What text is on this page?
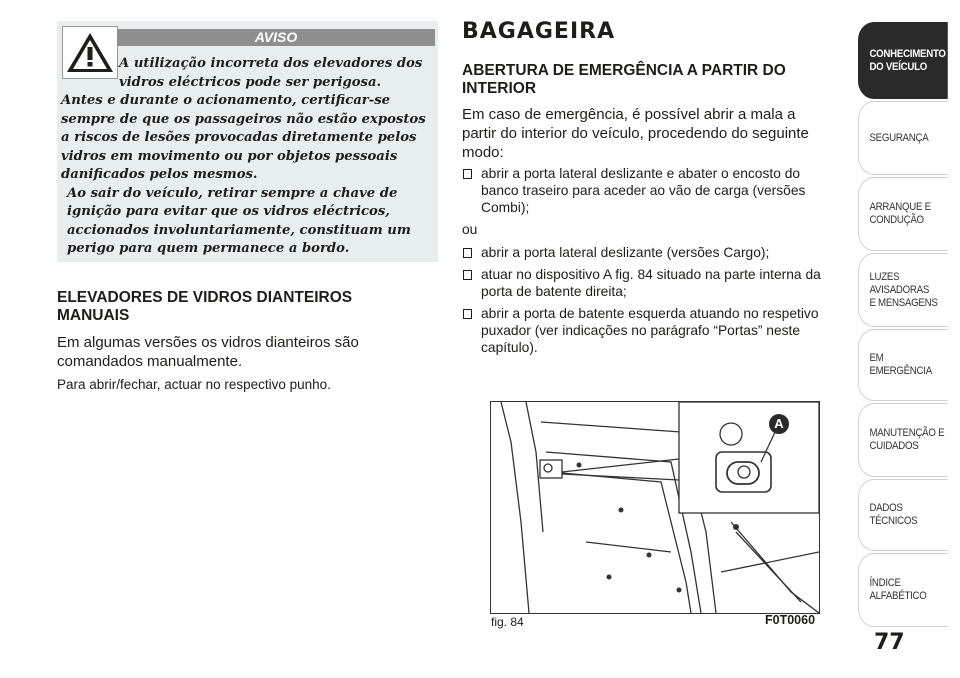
AVISO

A utilização incorreta dos elevadores dos vidros eléctricos pode ser perigosa.

Antes e durante o acionamento, certificar-se sempre de que os passageiros não estão expostos a riscos de lesões provocadas diretamente pelos vidros em movimento ou por objetos pessoais danificados pelos mesmos.

Ao sair do veículo, retirar sempre a chave de ignição para evitar que os vidros eléctricos, accionados involuntariamente, constituam um perigo para quem permanece a bordo.

ELEVADORES DE VIDROS DIANTEIROS MANUAIS
Em algumas versões os vidros dianteiros são comandados manualmente.
Para abrir/fechar, actuar no respectivo punho.
BAGAGEIRA
ABERTURA DE EMERGÊNCIA A PARTIR DO INTERIOR
Em caso de emergência, é possível abrir a mala a partir do interior do veículo, procedendo do seguinte modo:
abrir a porta lateral deslizante e abater o encosto do banco traseiro para aceder ao vão de carga (versões Combi);
ou
abrir a porta lateral deslizante (versões Cargo);
atuar no dispositivo A fig. 84 situado na parte interna da porta de batente direita;
abrir a porta de batente esquerda atuando no respetivo puxador (ver indicações no parágrafo “Portas” neste capítulo).
A
fig. 84	F0T0060
CONHECIMENTO
DO VEÍCULO
SEGURANÇA
ARRANQUE E
CONDUÇÃO
LUZES AVISADORAS
E MENSAGENS
EM EMERGÊNCIA
MANUTENÇÃO E
CUIDADOS
DADOS TÉCNICOS
ÍNDICE ALFABÉTICO
77
